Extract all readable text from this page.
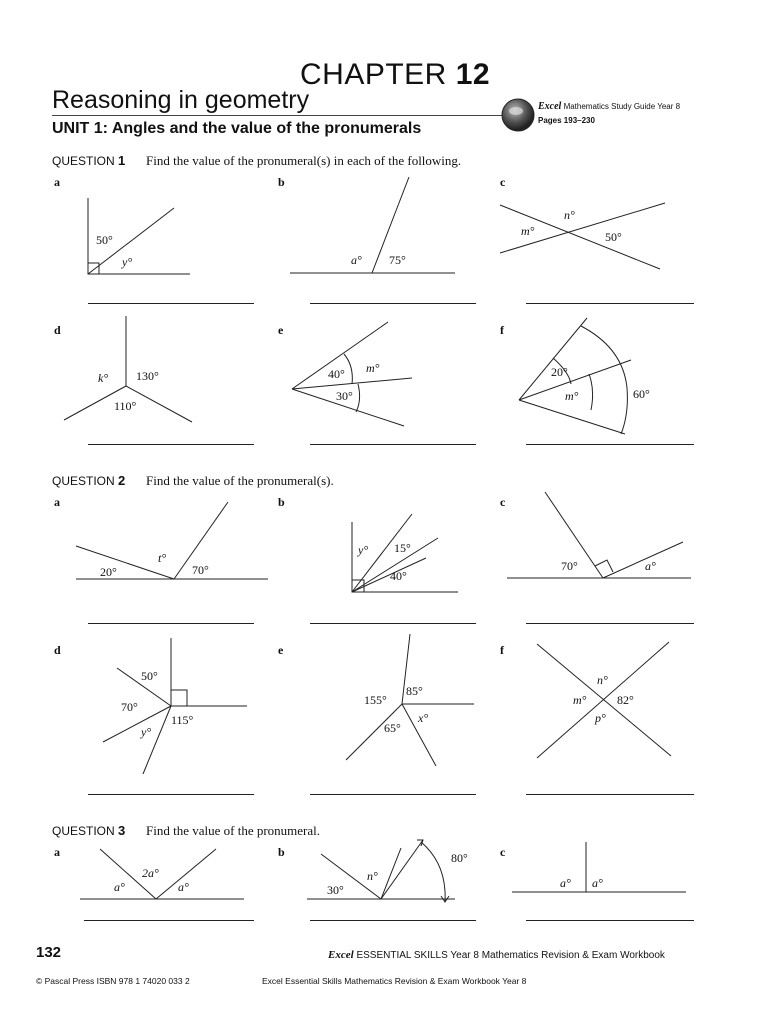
CHAPTER 12
Reasoning in geometry
UNIT 1: Angles and the value of the pronumerals
Excel Mathematics Study Guide Year 8
Pages 193–230
QUESTION 1 Find the value of the pronumeral(s) in each of the following.
a	b	c
50°
y°	a° 75°
n°
m°	50°
d	e	f
k° 130°
110°
40° m°
30°
20°
m°	60°
QUESTION 2 Find the value of the pronumeral(s).
a	b	c
t°
20°	70°
y° 15°
40°
70°	a°
d	e	f
50°
70°
y°
115°
155°
85°
65°
x°
n°
m°	82°
p°
QUESTION 3 Find the value of the pronumeral.
a	b	c
2a°
a°	a°
n°
80°
30°	a° a°
132	Excel ESSENTIAL SKILLS Year 8 Mathematics Revision & Exam Workbook
© Pascal Press ISBN 978 1 74020 033 2	Excel Essential Skills Mathematics Revision & Exam Workbook Year 8
